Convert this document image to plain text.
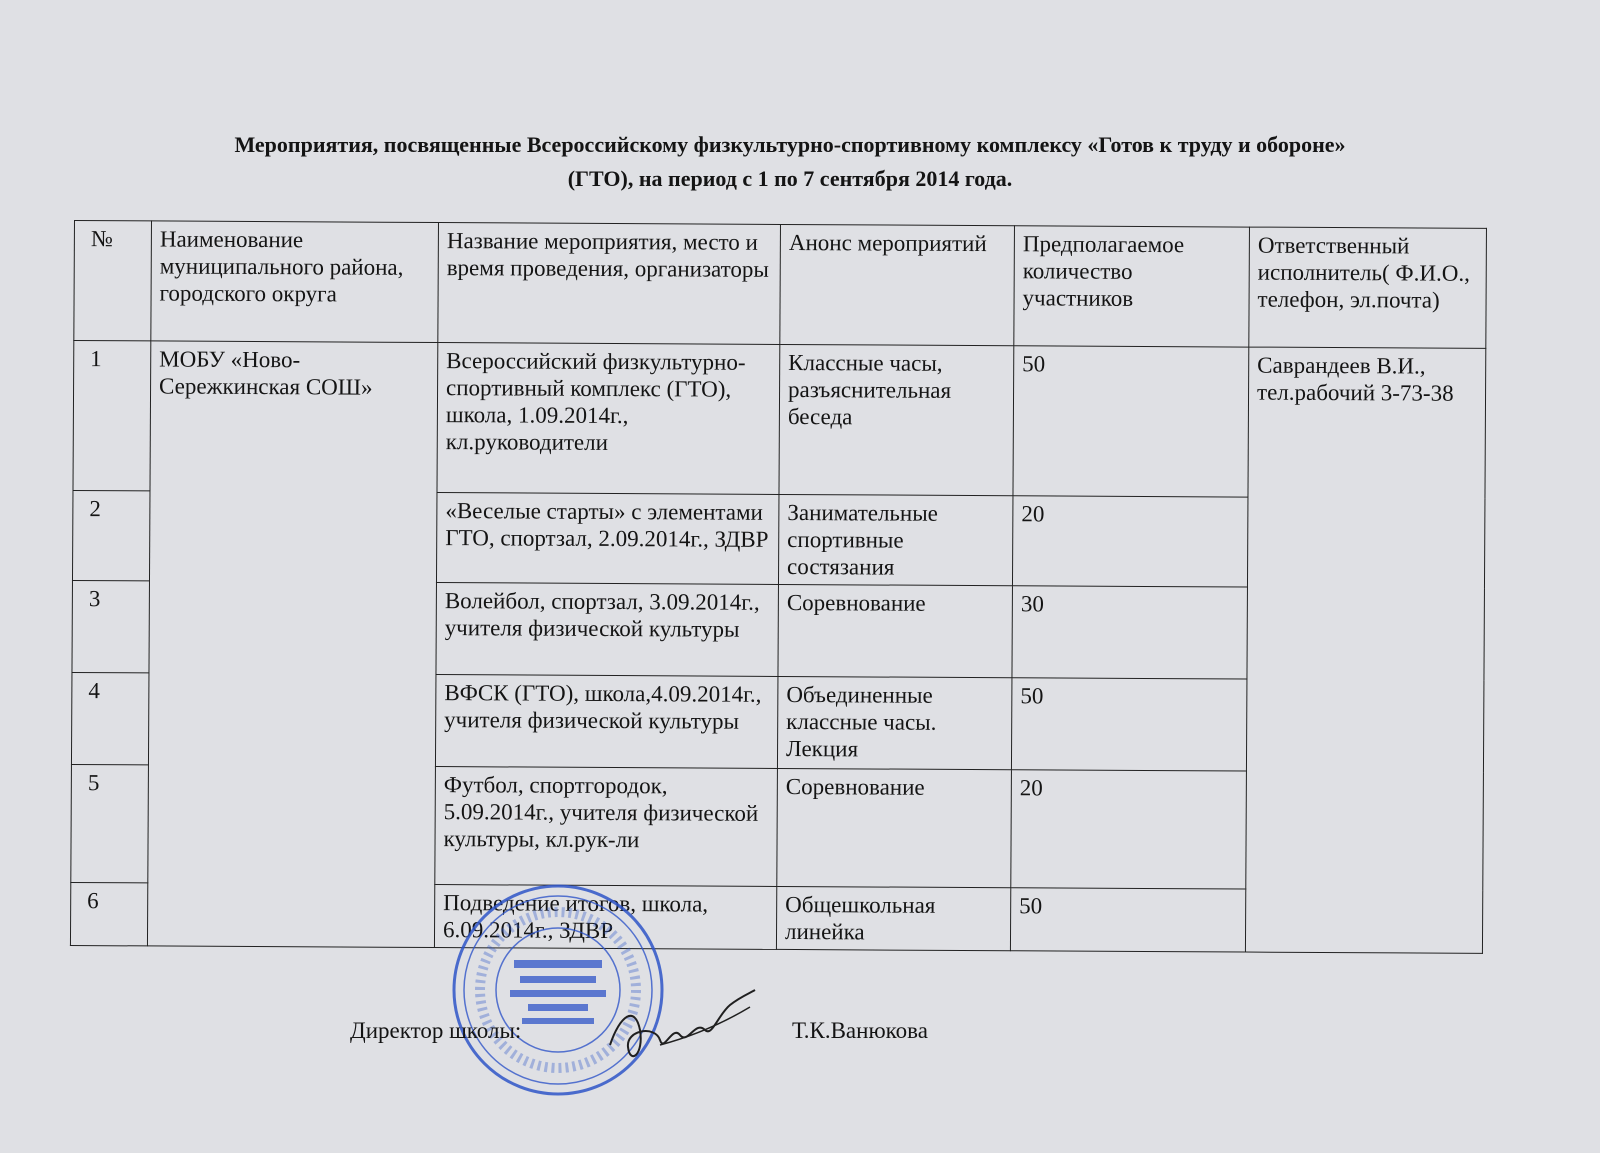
Мероприятия, посвященные Всероссийскому физкультурно-спортивному комплексу «Готов к труду и обороне»
(ГТО), на период с 1 по 7 сентября 2014 года.
№	Наименование муниципального района, городского округа	Название мероприятия, место и время проведения, организаторы	Анонс мероприятий	Предполагаемое количество участников	Ответственный исполнитель( Ф.И.О., телефон, эл.почта)
1	МОБУ «Ново-Сережкинская СОШ»	Всероссийский физкультурно-спортивный комплекс (ГТО), школа, 1.09.2014г., кл.руководители	Классные часы, разъяснительная беседа	50	Саврандеев В.И., тел.рабочий 3-73-38
2		«Веселые старты» с элементами ГТО, спортзал, 2.09.2014г., ЗДВР	Занимательные спортивные состязания	20	
3		Волейбол, спортзал, 3.09.2014г., учителя физической культуры	Соревнование	30	
4		ВФСК (ГТО), школа,4.09.2014г., учителя физической культуры	Объединенные классные часы. Лекция	50	
5		Футбол, спортгородок, 5.09.2014г., учителя физической культуры, кл.рук-ли	Соревнование	20	
6		Подведение итогов, школа, 6.09.2014г., ЗДВР	Общешкольная линейка	50	
Директор школы:	Т.К.Ванюкова
